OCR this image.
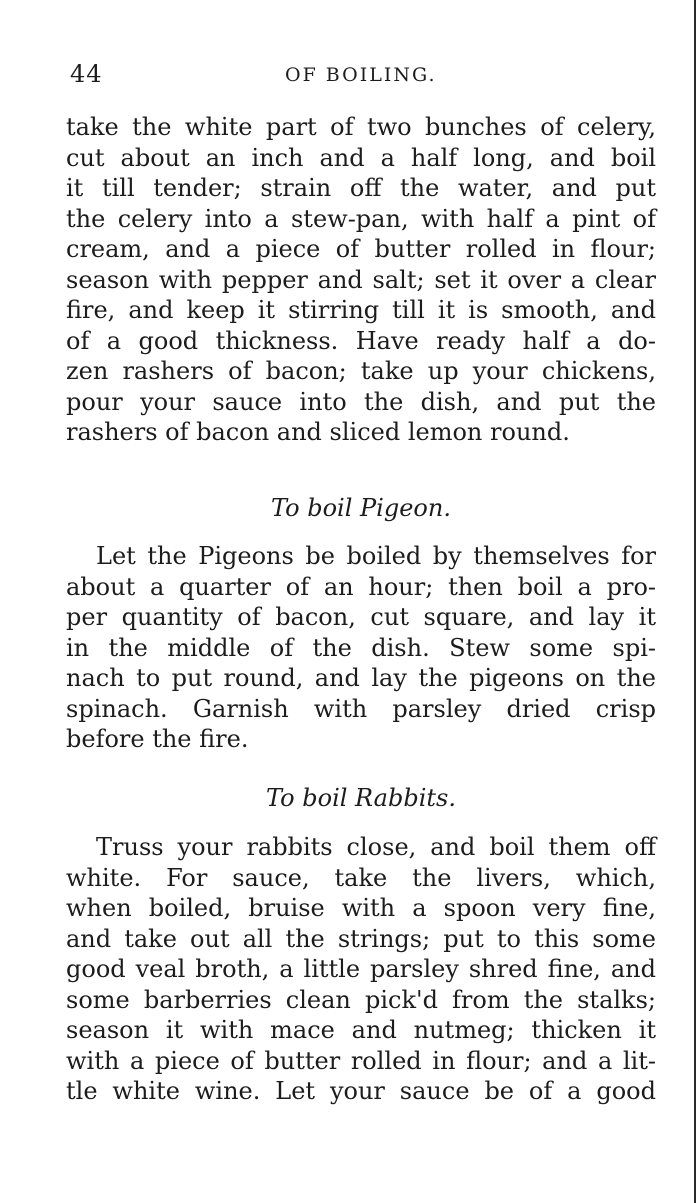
44	OF BOILING.
take the white part of two bunches of celery,
cut about an inch and a half long, and boil
it till tender; strain off the water, and put
the celery into a stew-pan, with half a pint of
cream, and a piece of butter rolled in flour;
season with pepper and salt; set it over a clear
fire, and keep it stirring till it is smooth, and
of a good thickness. Have ready half a do-
zen rashers of bacon; take up your chickens,
pour your sauce into the dish, and put the
rashers of bacon and sliced lemon round.
To boil Pigeon.
Let the Pigeons be boiled by themselves for
about a quarter of an hour; then boil a pro-
per quantity of bacon, cut square, and lay it
in the middle of the dish. Stew some spi-
nach to put round, and lay the pigeons on the
spinach. Garnish with parsley dried crisp
before the fire.
To boil Rabbits.
Truss your rabbits close, and boil them off
white. For sauce, take the livers, which,
when boiled, bruise with a spoon very fine,
and take out all the strings; put to this some
good veal broth, a little parsley shred fine, and
some barberries clean pick'd from the stalks;
season it with mace and nutmeg; thicken it
with a piece of butter rolled in flour; and a lit-
tle white wine. Let your sauce be of a good
